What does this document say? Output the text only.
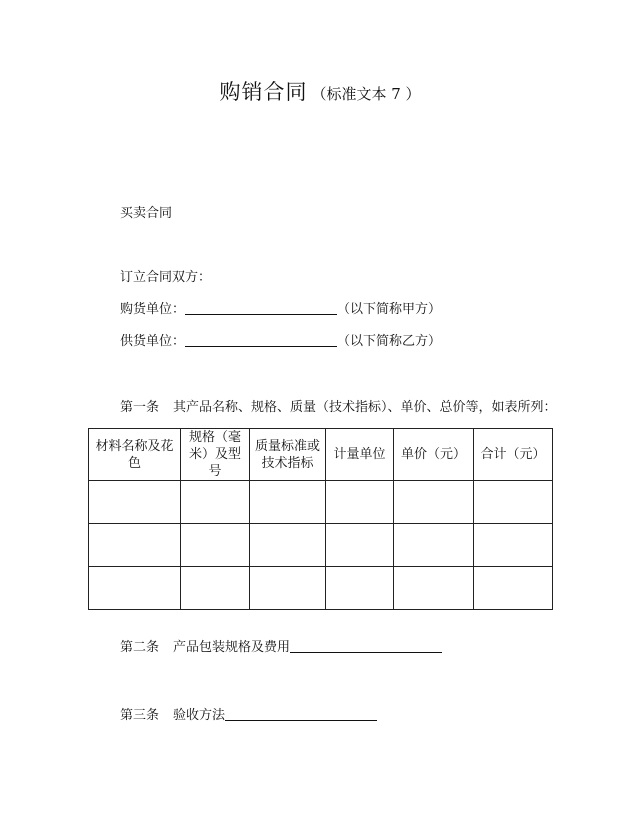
购销合同 （标准文本 7 ）
买卖合同
订立合同双方：
购货单位：	（以下简称甲方）
供货单位：	（以下简称乙方）
第一条 其产品名称、规格、质量（技术指标）、单价、总价等，如表所列：
材料名称及花色	规格（毫米）及型号	质量标准或技术指标	计量单位	单价（元）	合计（元）

第二条 产品包装规格及费用
第三条 验收方法
